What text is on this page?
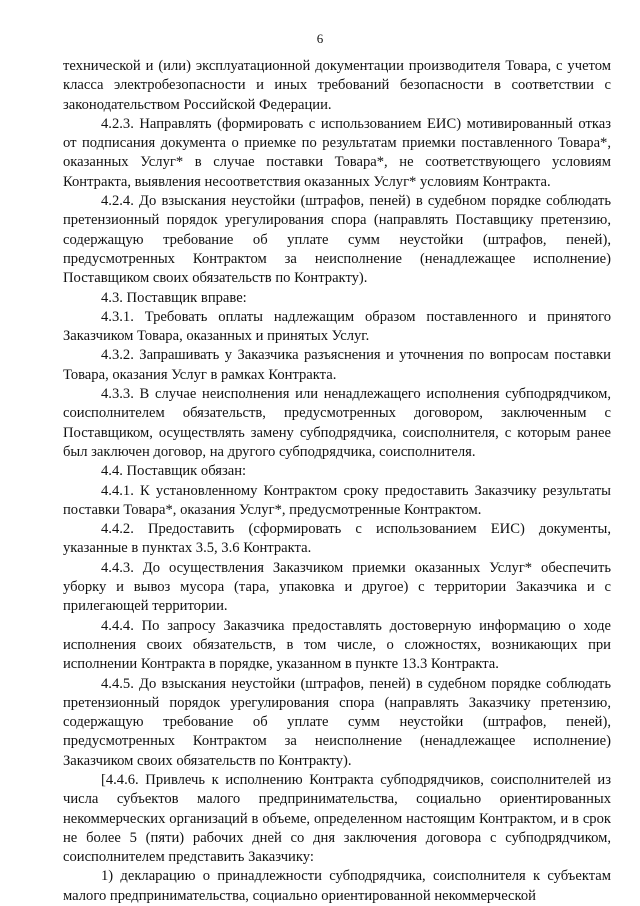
6

технической и (или) эксплуатационной документации производителя Товара, с учетом класса электробезопасности и иных требований безопасности в соответствии с законодательством Российской Федерации.

4.2.3. Направлять (формировать с использованием ЕИС) мотивированный отказ от подписания документа о приемке по результатам приемки поставленного Товара*, оказанных Услуг* в случае поставки Товара*, не соответствующего условиям Контракта, выявления несоответствия оказанных Услуг* условиям Контракта.

4.2.4. До взыскания неустойки (штрафов, пеней) в судебном порядке соблюдать претензионный порядок урегулирования спора (направлять Поставщику претензию, содержащую требование об уплате сумм неустойки (штрафов, пеней), предусмотренных Контрактом за неисполнение (ненадлежащее исполнение) Поставщиком своих обязательств по Контракту).

4.3. Поставщик вправе:

4.3.1. Требовать оплаты надлежащим образом поставленного и принятого Заказчиком Товара, оказанных и принятых Услуг.

4.3.2. Запрашивать у Заказчика разъяснения и уточнения по вопросам поставки Товара, оказания Услуг в рамках Контракта.

4.3.3. В случае неисполнения или ненадлежащего исполнения субподрядчиком, соисполнителем обязательств, предусмотренных договором, заключенным с Поставщиком, осуществлять замену субподрядчика, соисполнителя, с которым ранее был заключен договор, на другого субподрядчика, соисполнителя.

4.4. Поставщик обязан:

4.4.1. К установленному Контрактом сроку предоставить Заказчику результаты поставки Товара*, оказания Услуг*, предусмотренные Контрактом.

4.4.2. Предоставить (сформировать с использованием ЕИС) документы, указанные в пунктах 3.5, 3.6 Контракта.

4.4.3. До осуществления Заказчиком приемки оказанных Услуг* обеспечить уборку и вывоз мусора (тара, упаковка и другое) с территории Заказчика и с прилегающей территории.

4.4.4. По запросу Заказчика предоставлять достоверную информацию о ходе исполнения своих обязательств, в том числе, о сложностях, возникающих при исполнении Контракта в порядке, указанном в пункте 13.3 Контракта.

4.4.5. До взыскания неустойки (штрафов, пеней) в судебном порядке соблюдать претензионный порядок урегулирования спора (направлять Заказчику претензию, содержащую требование об уплате сумм неустойки (штрафов, пеней), предусмотренных Контрактом за неисполнение (ненадлежащее исполнение) Заказчиком своих обязательств по Контракту).

[4.4.6. Привлечь к исполнению Контракта субподрядчиков, соисполнителей из числа субъектов малого предпринимательства, социально ориентированных некоммерческих организаций в объеме, определенном настоящим Контрактом, и в срок не более 5 (пяти) рабочих дней со дня заключения договора с субподрядчиком, соисполнителем представить Заказчику:

1) декларацию о принадлежности субподрядчика, соисполнителя к субъектам малого предпринимательства, социально ориентированной некоммерческой
